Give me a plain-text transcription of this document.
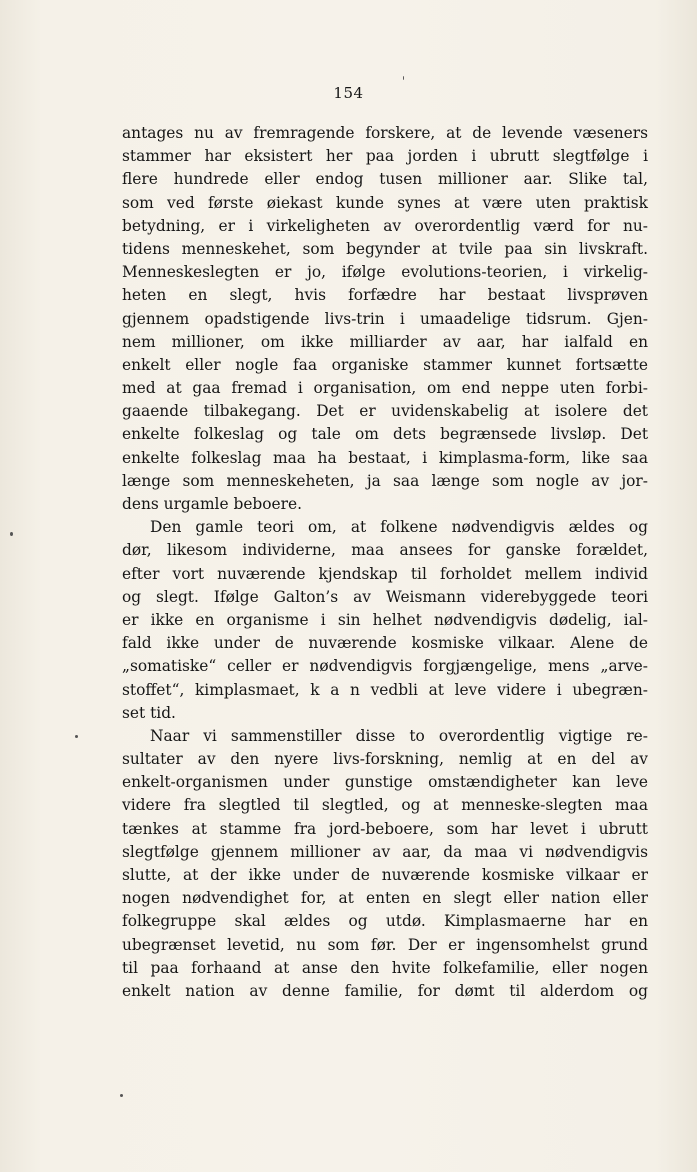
154
antages nu av fremragende forskere, at de levende væseners
stammer har eksistert her paa jorden i ubrutt slegtfølge i
flere hundrede eller endog tusen millioner aar. Slike tal,
som ved første øiekast kunde synes at være uten praktisk
betydning, er i virkeligheten av overordentlig værd for nu-
tidens menneskehet, som begynder at tvile paa sin livskraft.
Menneskeslegten er jo, ifølge evolutions-teorien, i virkelig-
heten en slegt, hvis forfædre har bestaat livsprøven
gjennem opadstigende livs-trin i umaadelige tidsrum. Gjen-
nem millioner, om ikke milliarder av aar, har ialfald en
enkelt eller nogle faa organiske stammer kunnet fortsætte
med at gaa fremad i organisation, om end neppe uten forbi-
gaaende tilbakegang. Det er uvidenskabelig at isolere det
enkelte folkeslag og tale om dets begrænsede livsløp. Det
enkelte folkeslag maa ha bestaat, i kimplasma-form, like saa
længe som menneskeheten, ja saa længe som nogle av jor-
dens urgamle beboere.
Den gamle teori om, at folkene nødvendigvis ældes og
dør, likesom individerne, maa ansees for ganske forældet,
efter vort nuværende kjendskap til forholdet mellem individ
og slegt. Ifølge Galton’s av Weismann viderebyggede teori
er ikke en organisme i sin helhet nødvendigvis dødelig, ial-
fald ikke under de nuværende kosmiske vilkaar. Alene de
„somatiske“ celler er nødvendigvis forgjængelige, mens „arve-
stoffet“, kimplasmaet, k a n vedbli at leve videre i ubegræn-
set tid.
Naar vi sammenstiller disse to overordentlig vigtige re-
sultater av den nyere livs-forskning, nemlig at en del av
enkelt-organismen under gunstige omstændigheter kan leve
videre fra slegtled til slegtled, og at menneske-slegten maa
tænkes at stamme fra jord-beboere, som har levet i ubrutt
slegtfølge gjennem millioner av aar, da maa vi nødvendigvis
slutte, at der ikke under de nuværende kosmiske vilkaar er
nogen nødvendighet for, at enten en slegt eller nation eller
folkegruppe skal ældes og utdø. Kimplasmaerne har en
ubegrænset levetid, nu som før. Der er ingensomhelst grund
til paa forhaand at anse den hvite folkefamilie, eller nogen
enkelt nation av denne familie, for dømt til alderdom og
